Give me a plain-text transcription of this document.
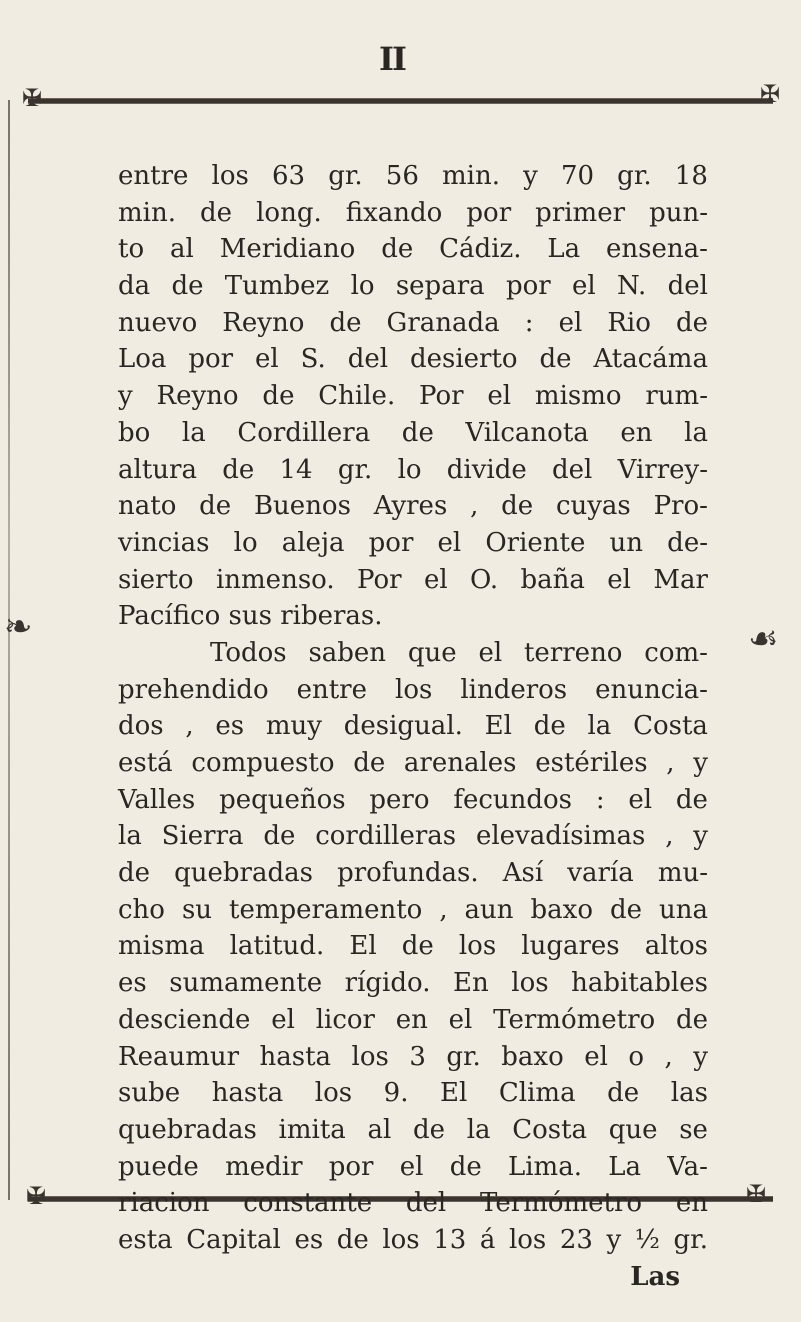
II
✠	✠
✠	✠
❧	☙
entre los 63 gr. 56 min. y 70 gr. 18
min. de long. fixando por primer pun-
to al Meridiano de Cádiz. La ensena-
da de Tumbez lo separa por el N. del
nuevo Reyno de Granada : el Rio de
Loa por el S. del desierto de Atacáma
y Reyno de Chile. Por el mismo rum-
bo la Cordillera de Vilcanota en la
altura de 14 gr. lo divide del Virrey-
nato de Buenos Ayres , de cuyas Pro-
vincias lo aleja por el Oriente un de-
sierto inmenso. Por el O. baña el Mar
Pacífico sus riberas.
Todos saben que el terreno com-
prehendido entre los linderos enuncia-
dos , es muy desigual. El de la Costa
está compuesto de arenales estériles , y
Valles pequeños pero fecundos : el de
la Sierra de cordilleras elevadísimas , y
de quebradas profundas. Así varía mu-
cho su temperamento , aun baxo de una
misma latitud. El de los lugares altos
es sumamente rígido. En los habitables
desciende el licor en el Termómetro de
Reaumur hasta los 3 gr. baxo el o , y
sube hasta los 9. El Clima de las
quebradas imita al de la Costa que se
puede medir por el de Lima. La Va-
riacion constante del Termómetro en
esta Capital es de los 13 á los 23 y ½ gr.
Las
